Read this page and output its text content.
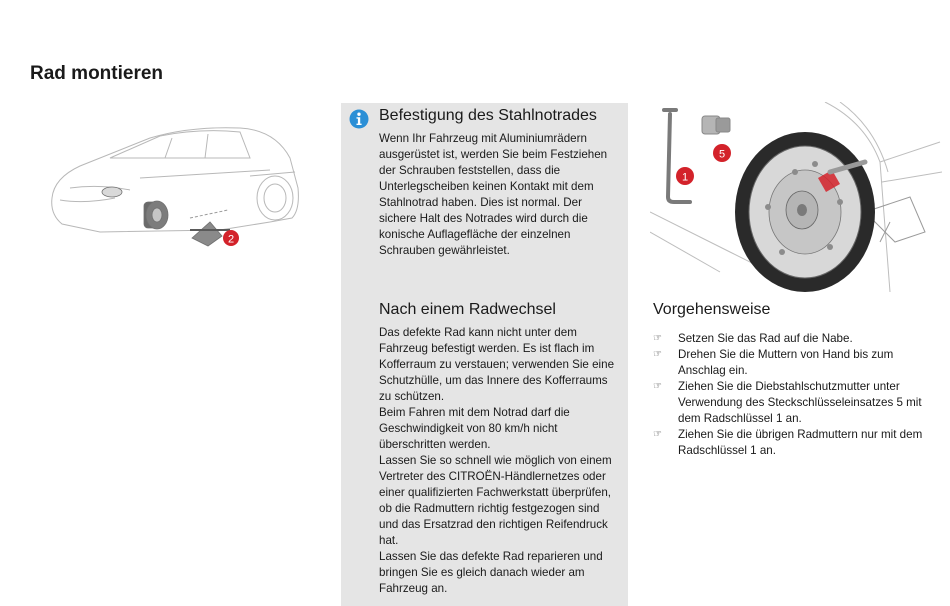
Rad montieren
2
Befestigung des Stahlnotrades
Wenn Ihr Fahrzeug mit Aluminiumrädern
ausgerüstet ist, werden Sie beim Festziehen
der Schrauben feststellen, dass die
Unterlegscheiben keinen Kontakt mit dem
Stahlnotrad haben. Dies ist normal. Der
sichere Halt des Notrades wird durch die
konische Auflagefläche der einzelnen
Schrauben gewährleistet.
Nach einem Radwechsel
Das defekte Rad kann nicht unter dem
Fahrzeug befestigt werden. Es ist flach im
Kofferraum zu verstauen; verwenden Sie eine
Schutzhülle, um das Innere des Kofferraums
zu schützen.
Beim Fahren mit dem Notrad darf die
Geschwindigkeit von 80 km/h nicht
überschritten werden.
Lassen Sie so schnell wie möglich von einem
Vertreter des CITROËN-Händlernetzes oder
einer qualifizierten Fachwerkstatt überprüfen,
ob die Radmuttern richtig festgezogen sind
und das Ersatzrad den richtigen Reifendruck
hat.
Lassen Sie das defekte Rad reparieren und
bringen Sie es gleich danach wieder am
Fahrzeug an.
1
5
Vorgehensweise
☞ Setzen Sie das Rad auf die Nabe.
☞ Drehen Sie die Muttern von Hand bis zum
Anschlag ein.
☞ Ziehen Sie die Diebstahlschutzmutter unter
Verwendung des Steckschlüsseleinsatzes 5 mit
dem Radschlüssel 1 an.
☞ Ziehen Sie die übrigen Radmuttern nur mit dem
Radschlüssel 1 an.
